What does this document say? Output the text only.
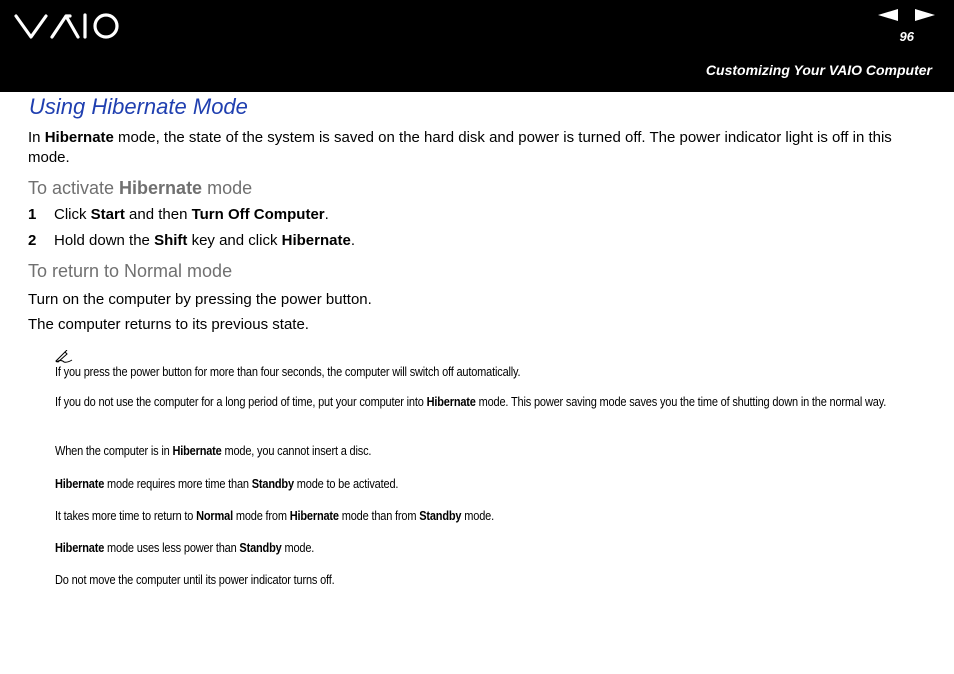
96
Customizing Your VAIO Computer
Using Hibernate Mode
In Hibernate mode, the state of the system is saved on the hard disk and power is turned off. The power indicator light is off in this mode.
To activate Hibernate mode
1 Click Start and then Turn Off Computer.
2 Hold down the Shift key and click Hibernate.
To return to Normal mode
Turn on the computer by pressing the power button.
The computer returns to its previous state.
If you press the power button for more than four seconds, the computer will switch off automatically.
If you do not use the computer for a long period of time, put your computer into Hibernate mode. This power saving mode saves you the time of shutting down in the normal way.
When the computer is in Hibernate mode, you cannot insert a disc.
Hibernate mode requires more time than Standby mode to be activated.
It takes more time to return to Normal mode from Hibernate mode than from Standby mode.
Hibernate mode uses less power than Standby mode.
Do not move the computer until its power indicator turns off.
